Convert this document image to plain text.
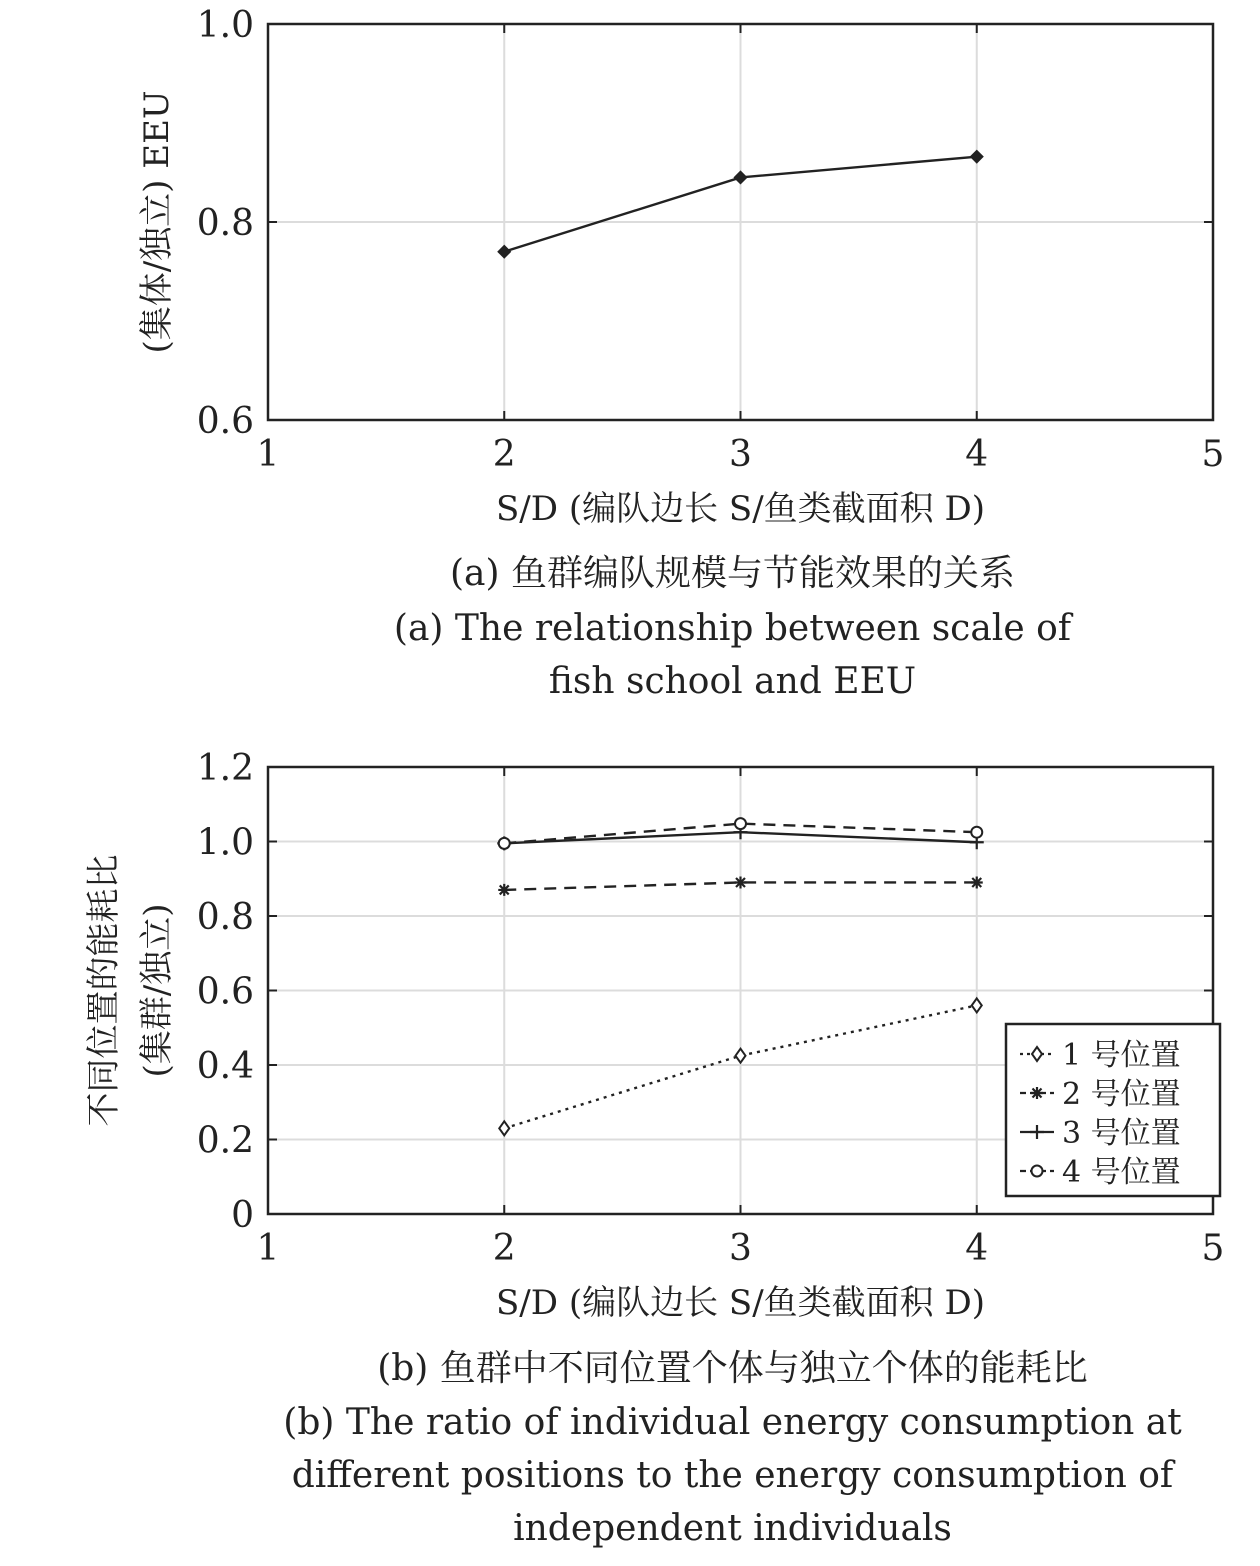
1	2	3	4	5
0.6
0.8
1.0
S/D (编队边长 S/鱼类截面积 D)
(集体/独立) EEU
(a) 鱼群编队规模与节能效果的关系
(a) The relationship between scale of
fish school and EEU
1	2	3	4	5
0
0.2
0.4
0.6
0.8
1.0
1.2
S/D (编队边长 S/鱼类截面积 D)
不同位置的能耗比 (集群/独立)
(b) 鱼群中不同位置个体与独立个体的能耗比
(b) The ratio of individual energy consumption at
different positions to the energy consumption of
independent individuals
1 号位置
2 号位置
3 号位置
4 号位置
